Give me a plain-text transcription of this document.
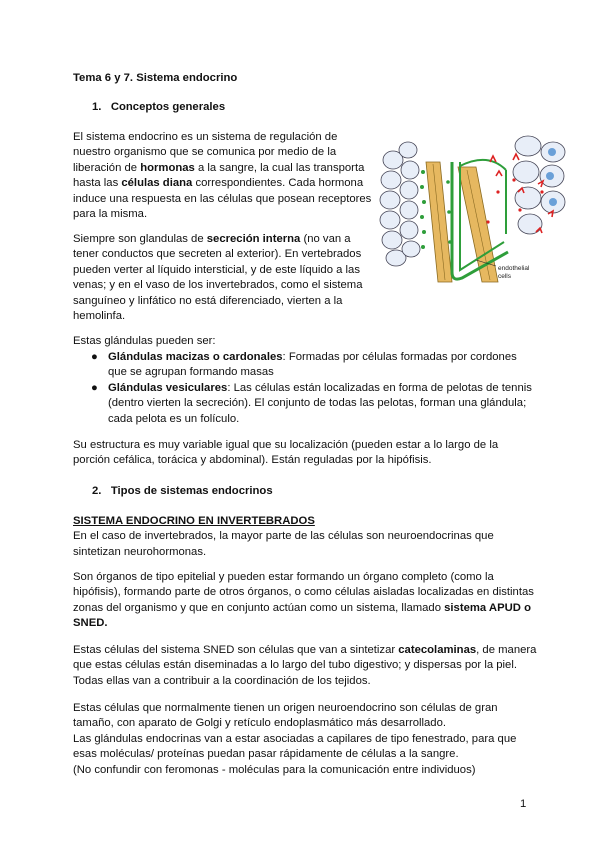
Tema 6 y 7. Sistema endocrino

1. Conceptos generales

El sistema endocrino es un sistema de regulación de nuestro organismo que se comunica por medio de la liberación de hormonas a la sangre, la cual las transporta hasta las células diana correspondientes. Cada hormona induce una respuesta en las células que posean receptores para la misma.

endothelial
cells

Siempre son glandulas de secreción interna (no van a tener conductos que secreten al exterior). En vertebrados pueden verter al líquido intersticial, y de este líquido a las venas; y en el vaso de los invertebrados, como el sistema sanguíneo y linfático no está diferenciado, vierten a la hemolinfa.

Estas glándulas pueden ser:

● Glándulas macizas o cardonales: Formadas por células formadas por cordones que se agrupan formando masas
● Glándulas vesiculares: Las células están localizadas en forma de pelotas de tennis (dentro vierten la secreción). El conjunto de todas las pelotas, forman una glándula; cada pelota es un folículo.

Su estructura es muy variable igual que su localización (pueden estar a lo largo de la porción cefálica, torácica y abdominal). Están reguladas por la hipófisis.

2. Tipos de sistemas endocrinos

SISTEMA ENDOCRINO EN INVERTEBRADOS
En el caso de invertebrados, la mayor parte de las células son neuroendocrinas que sintetizan neurohormonas.

Son órganos de tipo epitelial y pueden estar formando un órgano completo (como la hipófisis), formando parte de otros órganos, o como células aisladas localizadas en distintas zonas del organismo y que en conjunto actúan como un sistema, llamado sistema APUD o SNED.

Estas células del sistema SNED son células que van a sintetizar catecolaminas, de manera que estas células están diseminadas a lo largo del tubo digestivo; y dispersas por la piel. Todas ellas van a contribuir a la coordinación de los tejidos.

Estas células que normalmente tienen un origen neuroendocrino son células de gran tamaño, con aparato de Golgi y retículo endoplasmático más desarrollado.
Las glándulas endocrinas van a estar asociadas a capilares de tipo fenestrado, para que esas moléculas/ proteínas puedan pasar rápidamente de células a la sangre.
(No confundir con feromonas - moléculas para la comunicación entre individuos)

1
